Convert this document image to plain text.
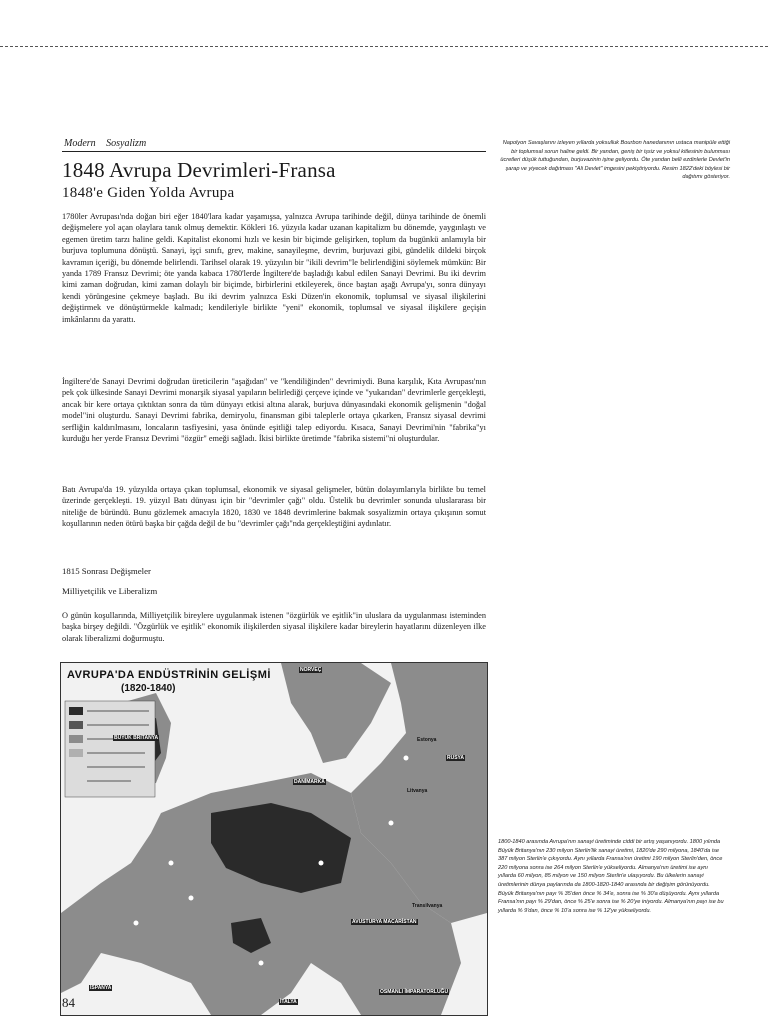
Modern Sosyalizm
1848 Avrupa Devrimleri-Fransa
1848'e Giden Yolda Avrupa

1780ler Avrupası'nda doğan biri eğer 1840'lara kadar yaşamışsa, yalnızca Avrupa tarihinde değil, dünya tarihinde de önemli değişmelere yol açan olaylara tanık olmuş demektir. Kökleri 16. yüzyıla kadar uzanan kapitalizm bu dönemde, yaygınlaştı ve egemen üretim tarzı haline geldi. Kapitalist ekonomi hızlı ve kesin bir biçimde gelişirken, toplum da bugünkü anlamıyla bir burjuva toplumuna dönüştü. Sanayi, işçi sınıfı, grev, makine, sanayileşme, devrim, burjuvazi gibi, gündelik dildeki birçok kavramın içeriği, bu dönemde belirlendi. Tarihsel olarak 19. yüzyılın bir "ikili devrim"le belirlendiğini söylemek mümkün: Bir yanda 1789 Fransız Devrimi; öte yanda kabaca 1780'lerde İngiltere'de başladığı kabul edilen Sanayi Devrimi. Bu iki devrim kimi zaman doğrudan, kimi zaman dolaylı bir biçimde, birbirlerini etkileyerek, önce baştan aşağı Avrupa'yı, sonra dünyayı kendi yörüngesine çekmeye başladı. Bu iki devrim yalnızca Eski Düzen'in ekonomik, toplumsal ve siyasal ilişkilerini değiştirmek ve dönüştürmekle kalmadı; kendileriyle birlikte "yeni" ekonomik, toplumsal ve siyasal ilişkilere geçişin imkânlarını da yarattı.

İngiltere'de Sanayi Devrimi doğrudan üreticilerin "aşağıdan" ve "kendiliğinden" devrimiydi. Buna karşılık, Kıta Avrupası'nın pek çok ülkesinde Sanayi Devrimi monarşik siyasal yapıların belirlediği çerçeve içinde ve "yukarıdan" devrimlerle gerçekleşti, ancak bir kere ortaya çıktıktan sonra da tüm dünyayı etkisi altına alarak, burjuva dünyasındaki ekonomik gelişmenin "doğal model"ini oluşturdu. Sanayi Devrimi fabrika, demiryolu, finansman gibi taleplerle ortaya çıkarken, Fransız siyasal devrimi serfliğin kaldırılmasını, loncaların tasfiyesini, yasa önünde eşitliği talep ediyordu. Kısaca, Sanayi Devrimi'nin "fabrika"yı kurduğu her yerde Fransız Devrimi "özgür" emeği sağladı. İkisi birlikte üretimde "fabrika sistemi"ni oluşturdular.

Batı Avrupa'da 19. yüzyılda ortaya çıkan toplumsal, ekonomik ve siyasal gelişmeler, bütün dolayımlarıyla birlikte bu temel üzerinde gerçekleşti. 19. yüzyıl Batı dünyası için bir "devrimler çağı" oldu. Üstelik bu devrimler sonunda uluslararası bir niteliğe de büründü. Bunu gözlemek amacıyla 1820, 1830 ve 1848 devrimlerine bakmak sosyalizmin ortaya çıkışının somut koşullarının neden ötürü başka bir çağda değil de bu "devrimler çağı"nda gerçekleştiğini aydınlatır.

1815 Sonrası Değişmeler
Milliyetçilik ve Liberalizm

O günün koşullarında, Milliyetçilik bireylere uygulanmak istenen "özgürlük ve eşitlik"in uluslara da uygulanması isteminden başka birşey değildi. "Özgürlük ve eşitlik" ekonomik ilişkilerden siyasal ilişkilere kadar bireylerin hayatlarını düzenleyen ilke olarak liberalizmi doğurmuştu.

Napolyon Savaşlarını izleyen yıllarda yoksulluk Bourbon hanedanının ustaca manipüle ettiği bir toplumsal sorun haline geldi. Bir yandan, geniş bir işsiz ve yoksul kitlesinin bulunması ücretleri düşük tuttuğundan, burjuvazinin işine geliyordu. Öte yandan belli ezdinlerle Devlet'in şarap ve yiyecek dağıtması "Ali Devlet" imgesini pekiştiriyordu. Resim 1822'deki böylesi bir dağıtımı gösteriyor.

1800-1840 arasında Avrupa'nın sanayi üretiminde ciddi bir artış yaşanıyordu. 1800 yılında Büyük Britanya'nın 230 milyon Sterlin'lik sanayi üretimi, 1820'de 290 milyona, 1840'da ise 387 milyon Sterlin'e çıkıyordu. Aynı yıllarda Fransa'nın üretimi 190 milyon Sterlin'den, önce 220 milyona sonra ise 264 milyon Sterlin'e yükseliyordu. Almanya'nın üretimi ise aynı yıllarda 60 milyon, 85 milyon ve 150 milyon Sterlin'e ulaşıyordu. Bu ülkelerin sanayi üretimlerinin dünya paylarında da 1800-1820-1840 arasında bir değişim görünüyordu. Büyük Britanya'nın payı % 35'den önce % 34'e, sonra ise % 30'a düşüyordu. Aynı yıllarda Fransa'nın payı % 29'dan, önce % 25'e sonra ise % 20'ye iniyordu. Almanya'nın payı ise bu yıllarda % 9'dan, önce % 10'a sonra ise % 12'ye yükseliyordu.

AVRUPA'DA ENDÜSTRİNİN GELİŞMİ
(1820-1840)
NORVEÇ
BÜYÜK BRİTANYA
DANİMARKA
RUSYA
Estonya
Litvanya
AVUSTURYA MACARİSTAN
Transilvanya
İSPANYA
İTALYA
OSMANLI İMPARATORLUĞU
84
